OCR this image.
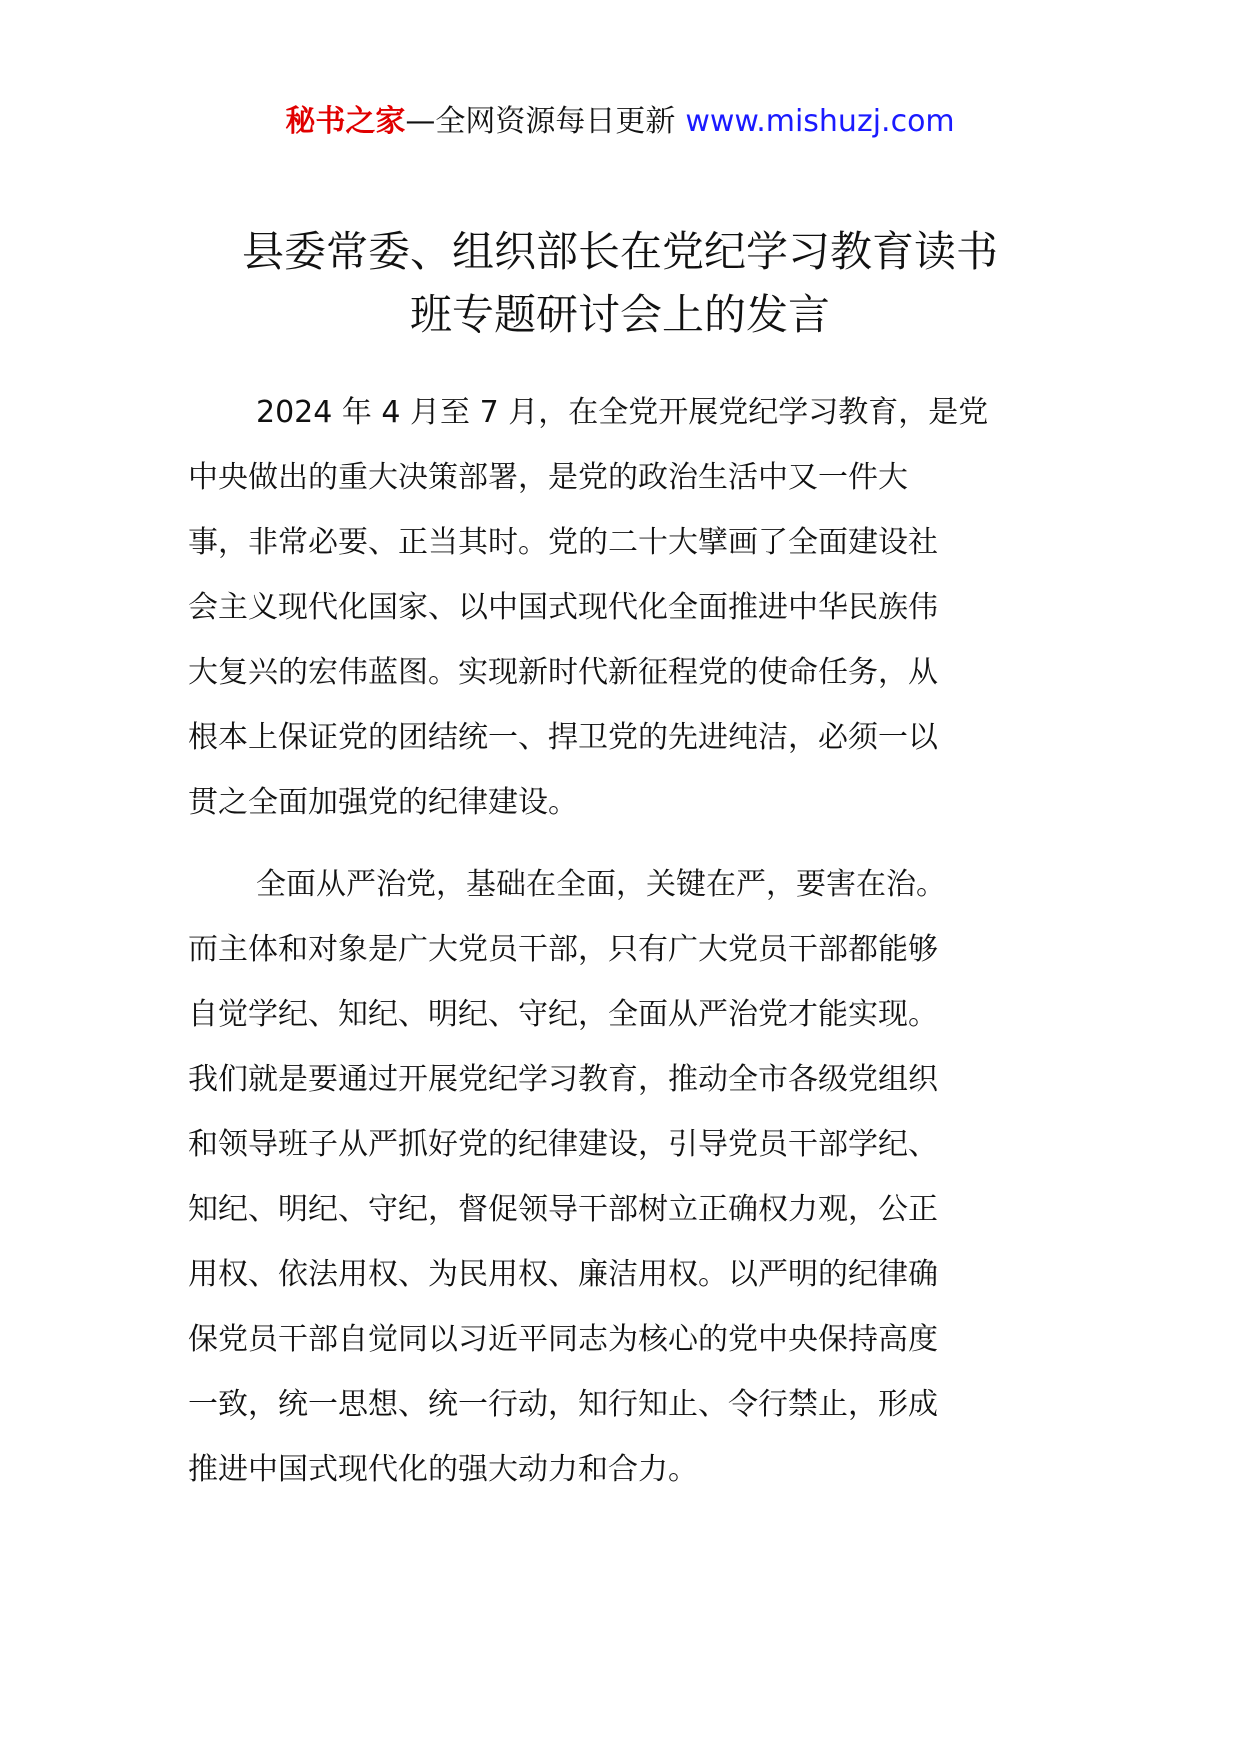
秘书之家—全网资源每日更新 www.mishuzj.com
县委常委、组织部长在党纪学习教育读书
班专题研讨会上的发言
2024 年 4 月至 7 月，在全党开展党纪学习教育，是党
中央做出的重大决策部署，是党的政治生活中又一件大
事，非常必要、正当其时。党的二十大擘画了全面建设社
会主义现代化国家、以中国式现代化全面推进中华民族伟
大复兴的宏伟蓝图。实现新时代新征程党的使命任务，从
根本上保证党的团结统一、捍卫党的先进纯洁，必须一以
贯之全面加强党的纪律建设。
全面从严治党，基础在全面，关键在严，要害在治。
而主体和对象是广大党员干部，只有广大党员干部都能够
自觉学纪、知纪、明纪、守纪，全面从严治党才能实现。
我们就是要通过开展党纪学习教育，推动全市各级党组织
和领导班子从严抓好党的纪律建设，引导党员干部学纪、
知纪、明纪、守纪，督促领导干部树立正确权力观，公正
用权、依法用权、为民用权、廉洁用权。以严明的纪律确
保党员干部自觉同以习近平同志为核心的党中央保持高度
一致，统一思想、统一行动，知行知止、令行禁止，形成
推进中国式现代化的强大动力和合力。
